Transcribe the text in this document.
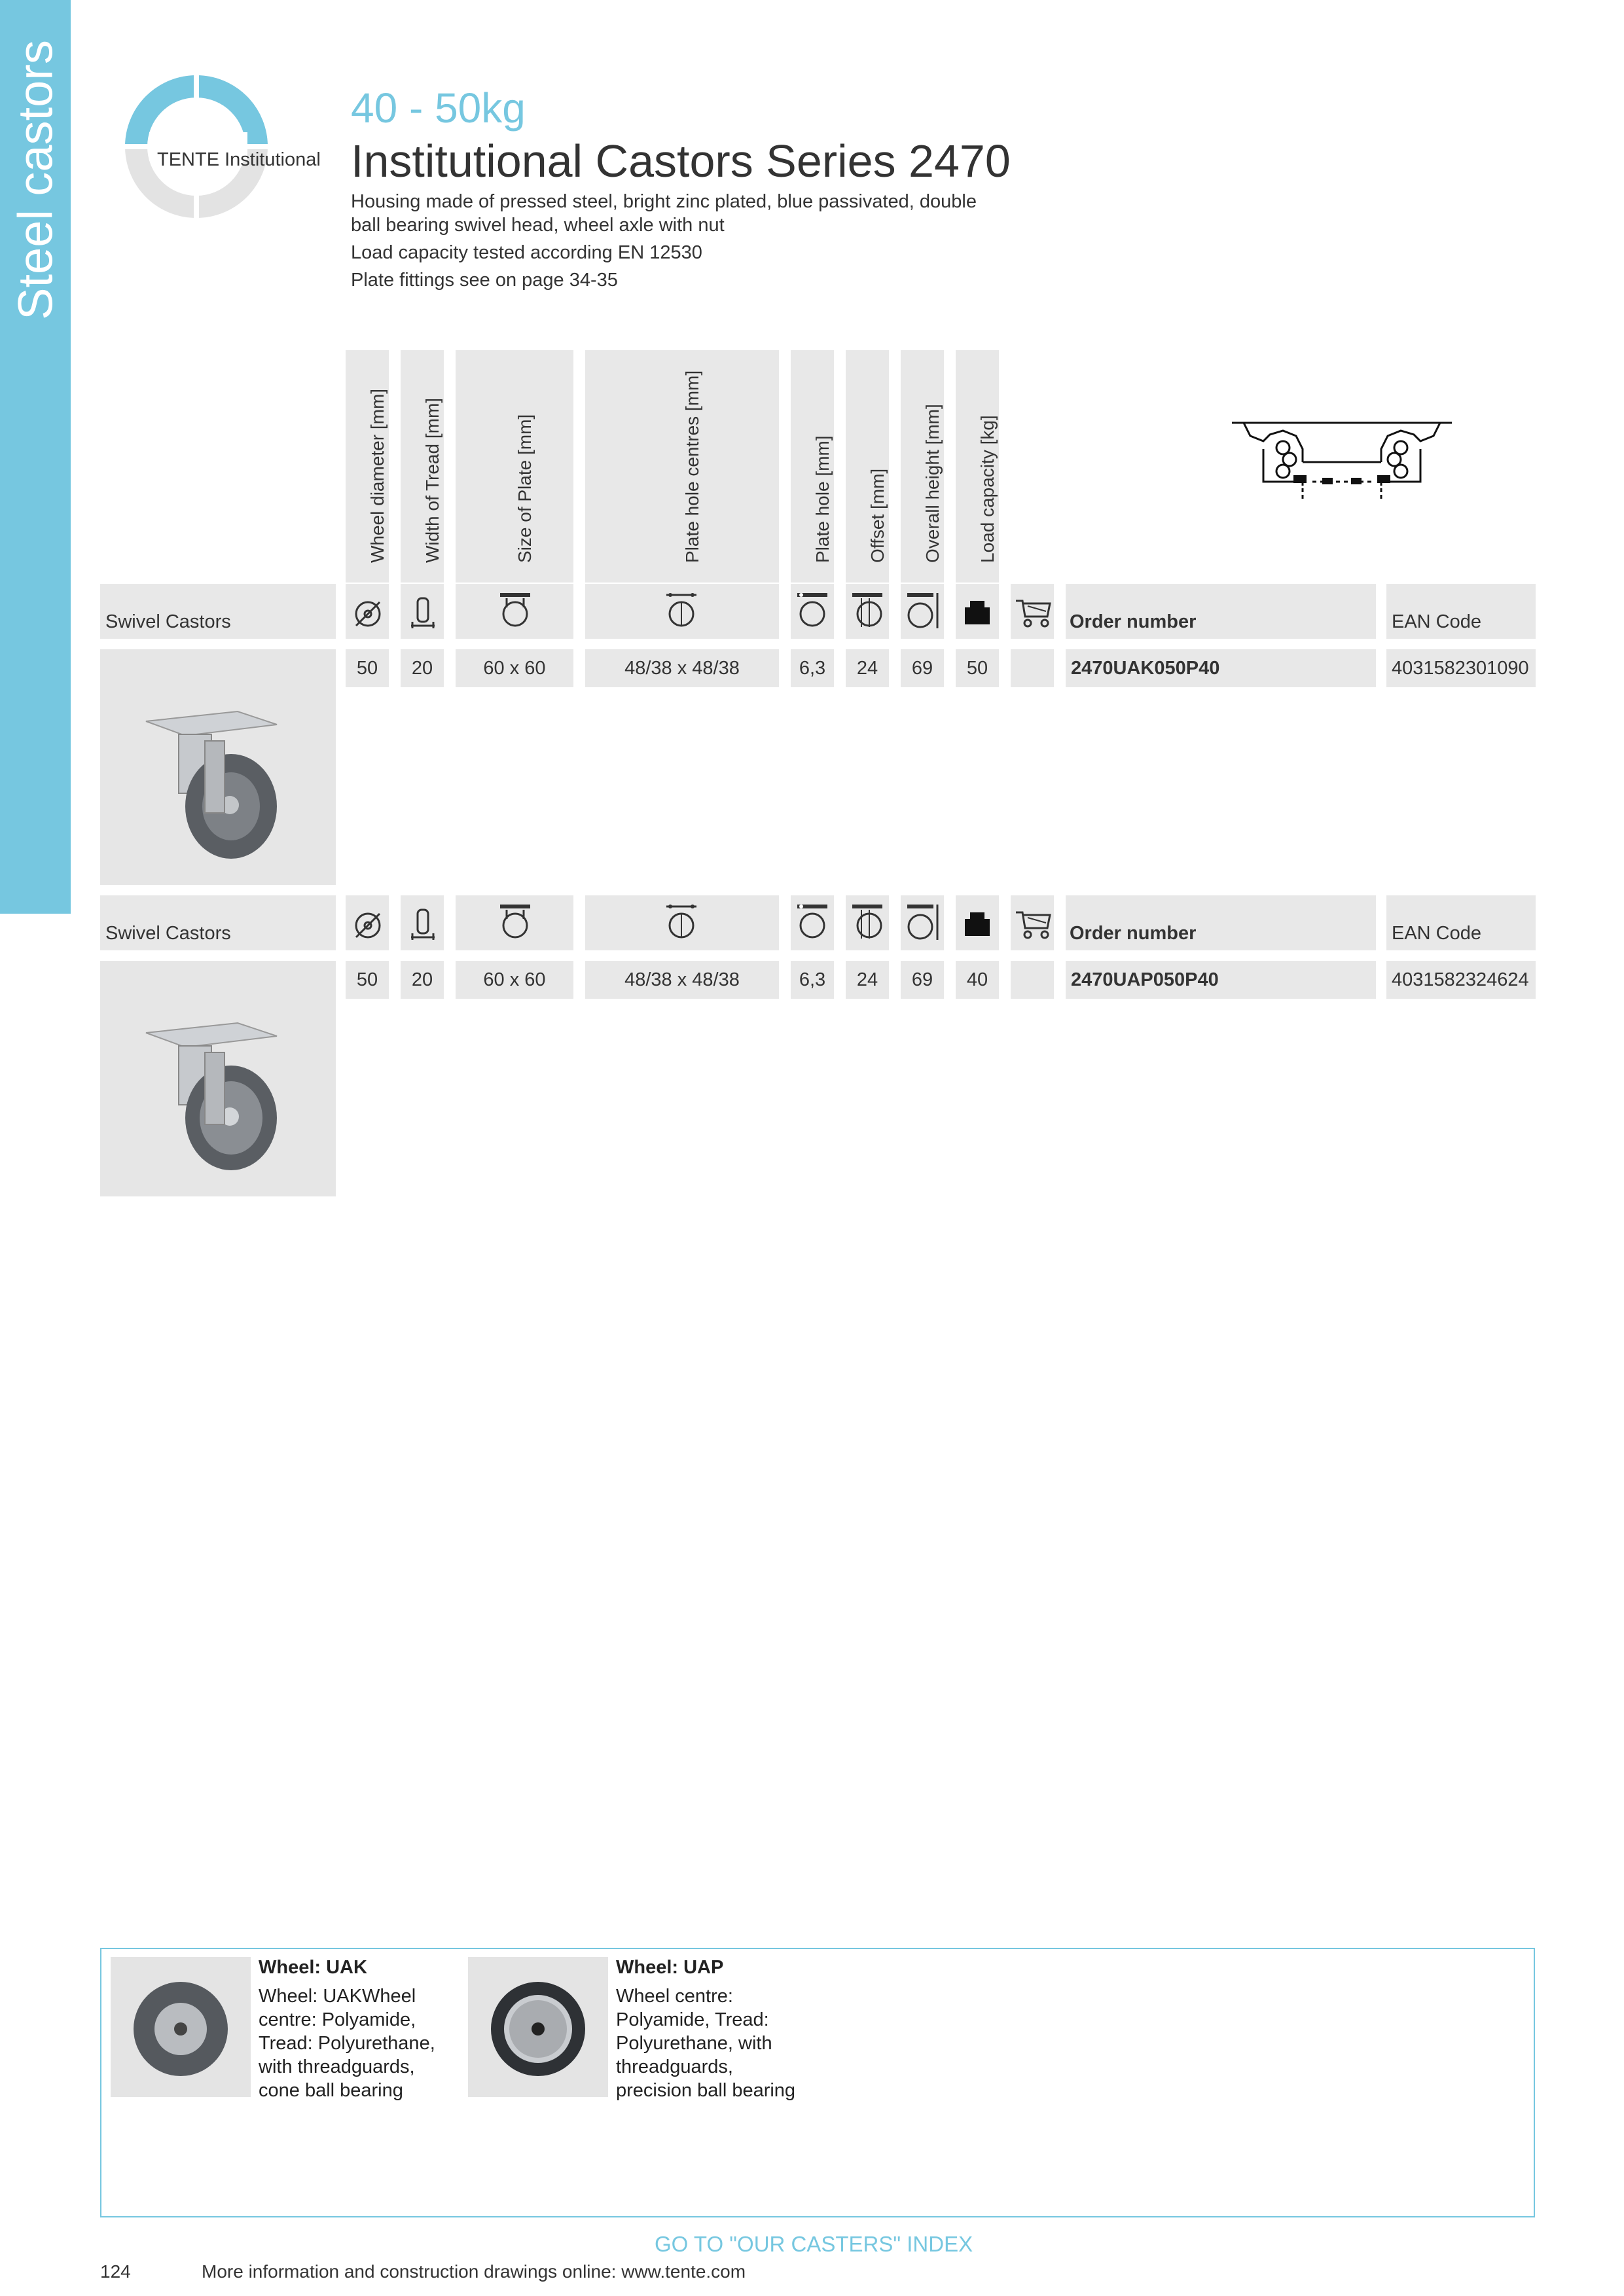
Steel castors	TENTE Institutional
40 - 50kg
Institutional Castors Series 2470
Housing made of pressed steel, bright zinc plated, blue passivated, double
ball bearing swivel head, wheel axle with nut
Load capacity tested according EN 12530
Plate fittings see on page 34-35
Wheel diameter [mm] Width of Tread [mm]	Size of Plate [mm]	Plate hole centres [mm]	Plate hole [mm] Offset [mm] Overall height [mm] Load capacity [kg]
Swivel Castors	Order number	EAN Code
50	20	60 x 60	48/38 x 48/38	6,3	24	69	50	2470UAK050P40	4031582301090
Swivel Castors	Order number	EAN Code
50	20	60 x 60	48/38 x 48/38	6,3	24	69	40	2470UAP050P40	4031582324624
Wheel: UAK
Wheel: UAKWheel centre: Polyamide, Tread: Polyurethane, with threadguards, cone ball bearing
Wheel: UAP
Wheel centre: Polyamide, Tread: Polyurethane, with threadguards, precision ball bearing
GO TO "OUR CASTERS" INDEX
124	More information and construction drawings online: www.tente.com
